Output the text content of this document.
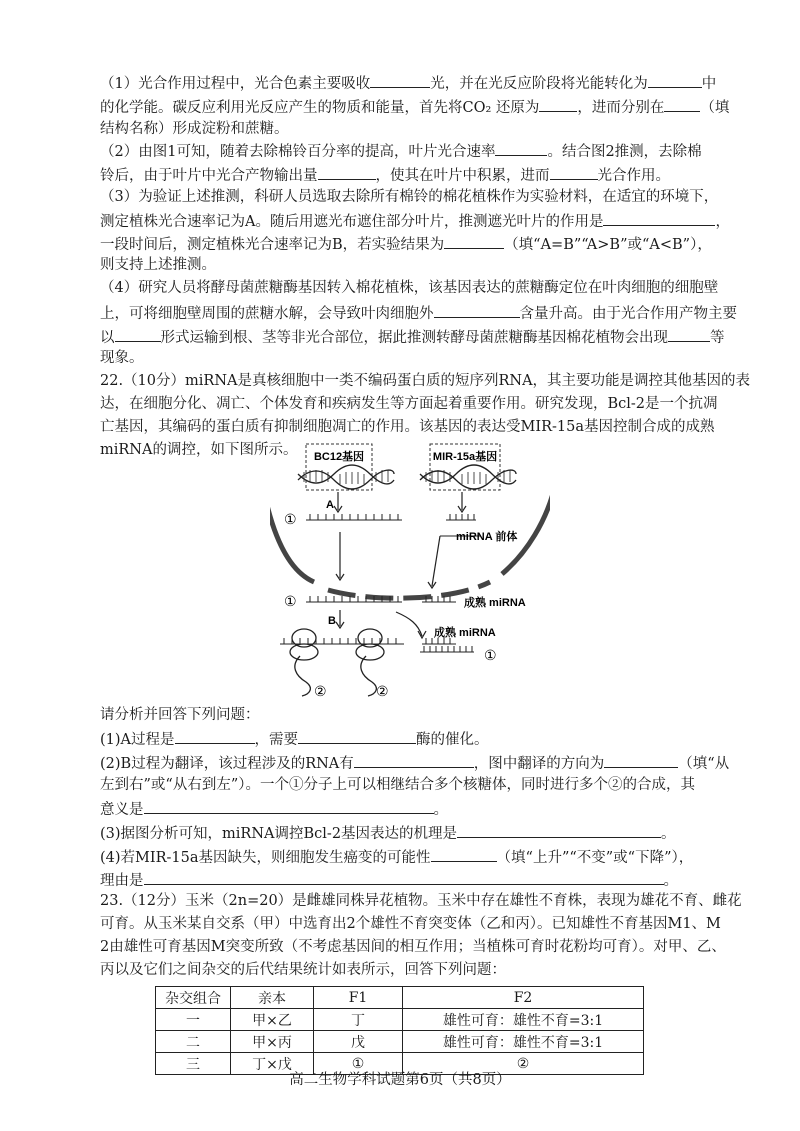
（1）光合作用过程中，光合色素主要吸收	光，并在光反应阶段将光能转化为	中
的化学能。碳反应利用光反应产生的物质和能量，首先将CO₂ 还原为	，进而分别在 （填
结构名称）形成淀粉和蔗糖。
（2）由图1可知，随着去除棉铃百分率的提高，叶片光合速率	。结合图2推测，去除棉
铃后，由于叶片中光合产物输出量	，使其在叶片中积累，进而	光合作用。
（3）为验证上述推测，科研人员选取去除所有棉铃的棉花植株作为实验材料，在适宜的环境下，
测定植株光合速率记为A。随后用遮光布遮住部分叶片，推测遮光叶片的作用是	，
一段时间后，测定植株光合速率记为B，若实验结果为	（填“A=B”“A>B”或“A<B”），
则支持上述推测。
（4）研究人员将酵母菌蔗糖酶基因转入棉花植株，该基因表达的蔗糖酶定位在叶肉细胞的细胞壁
上，可将细胞壁周围的蔗糖水解，会导致叶肉细胞外	含量升高。由于光合作用产物主要
以	形式运输到根、茎等非光合部位，据此推测转酵母菌蔗糖酶基因棉花植物会出现	等
现象。
22.（10分）miRNA是真核细胞中一类不编码蛋白质的短序列RNA，其主要功能是调控其他基因的表
达，在细胞分化、凋亡、个体发育和疾病发生等方面起着重要作用。研究发现，Bcl-2是一个抗凋
亡基因，其编码的蛋白质有抑制细胞凋亡的作用。该基因的表达受MIR-15a基因控制合成的成熟
miRNA的调控，如下图所示。	BC12基因	MIR-15a基因
A
①
miRNA 前体
①	成熟 miRNA
B
成熟 miRNA
①
②	②
请分析并回答下列问题：
(1)A过程是	，需要	酶的催化。
(2)B过程为翻译，该过程涉及的RNA有	，图中翻译的方向为	（填“从
左到右”或“从右到左”）。一个①分子上可以相继结合多个核糖体，同时进行多个②的合成，其
意义是	。
(3)据图分析可知，miRNA调控Bcl-2基因表达的机理是	。
(4)若MIR-15a基因缺失，则细胞发生癌变的可能性	（填“上升”“不变”或“下降”），
理由是	。
23.（12分）玉米（2n=20）是雌雄同株异花植物。玉米中存在雄性不育株，表现为雄花不育、雌花
可育。从玉米某自交系（甲）中选育出2个雄性不育突变体（乙和丙）。已知雄性不育基因M1、M
2由雄性可育基因M突变所致（不考虑基因间的相互作用；当植株可育时花粉均可育）。对甲、乙、
丙以及它们之间杂交的后代结果统计如表所示，回答下列问题：
杂交组合	亲本	F1	F2
一	甲×乙	丁	雄性可育：雄性不育=3:1
二	甲×丙	戊	雄性可育：雄性不育=3:1
三	丁×戊	①	②
高二生物学科试题第6页（共8页）
